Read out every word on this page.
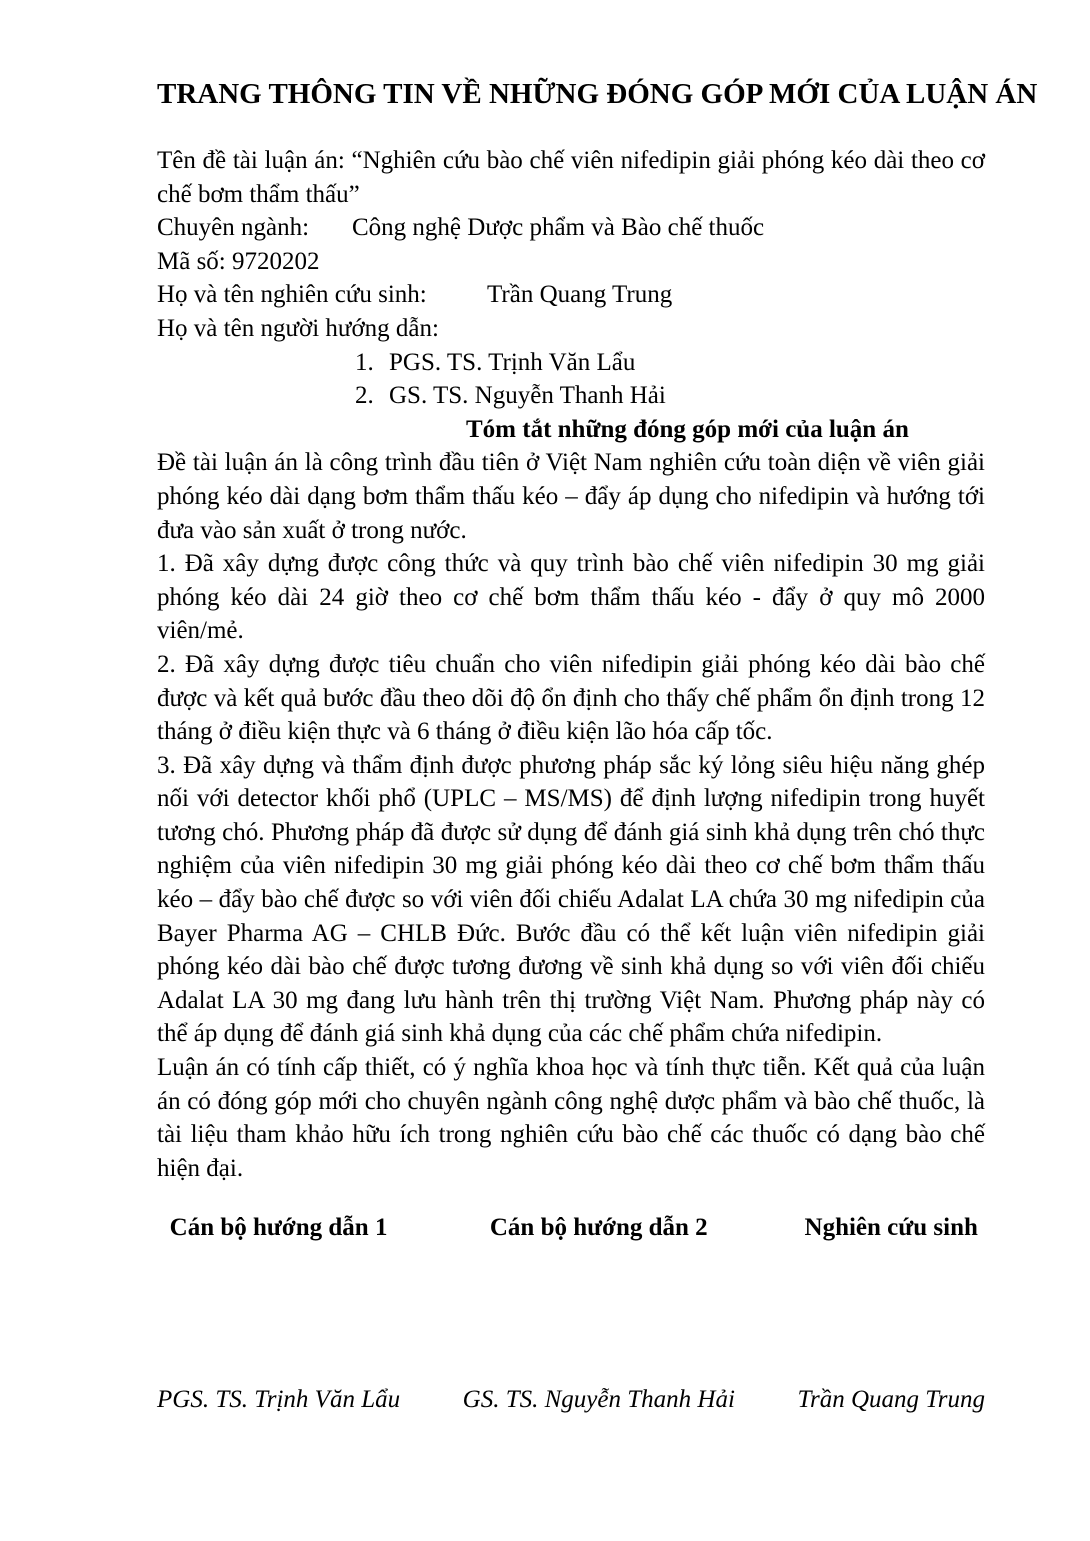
TRANG THÔNG TIN VỀ NHỮNG ĐÓNG GÓP MỚI CỦA LUẬN ÁN

Tên đề tài luận án: “Nghiên cứu bào chế viên nifedipin giải phóng kéo dài theo cơ chế bơm thẩm thấu”

Chuyên ngành: Công nghệ Dược phẩm và Bào chế thuốc
Mã số: 9720202
Họ và tên nghiên cứu sinh: Trần Quang Trung
Họ và tên người hướng dẫn:
1. PGS. TS. Trịnh Văn Lẩu
2. GS. TS. Nguyễn Thanh Hải
Tóm tắt những đóng góp mới của luận án

Đề tài luận án là công trình đầu tiên ở Việt Nam nghiên cứu toàn diện về viên giải phóng kéo dài dạng bơm thẩm thấu kéo – đẩy áp dụng cho nifedipin và hướng tới đưa vào sản xuất ở trong nước.

1. Đã xây dựng được công thức và quy trình bào chế viên nifedipin 30 mg giải phóng kéo dài 24 giờ theo cơ chế bơm thẩm thấu kéo - đẩy ở quy mô 2000 viên/mẻ.

2. Đã xây dựng được tiêu chuẩn cho viên nifedipin giải phóng kéo dài bào chế được và kết quả bước đầu theo dõi độ ổn định cho thấy chế phẩm ổn định trong 12 tháng ở điều kiện thực và 6 tháng ở điều kiện lão hóa cấp tốc.

3. Đã xây dựng và thẩm định được phương pháp sắc ký lỏng siêu hiệu năng ghép nối với detector khối phổ (UPLC – MS/MS) để định lượng nifedipin trong huyết tương chó. Phương pháp đã được sử dụng để đánh giá sinh khả dụng trên chó thực nghiệm của viên nifedipin 30 mg giải phóng kéo dài theo cơ chế bơm thẩm thấu kéo – đẩy bào chế được so với viên đối chiếu Adalat LA chứa 30 mg nifedipin của Bayer Pharma AG – CHLB Đức. Bước đầu có thể kết luận viên nifedipin giải phóng kéo dài bào chế được tương đương về sinh khả dụng so với viên đối chiếu Adalat LA 30 mg đang lưu hành trên thị trường Việt Nam. Phương pháp này có thể áp dụng để đánh giá sinh khả dụng của các chế phẩm chứa nifedipin.

Luận án có tính cấp thiết, có ý nghĩa khoa học và tính thực tiễn. Kết quả của luận án có đóng góp mới cho chuyên ngành công nghệ dược phẩm và bào chế thuốc, là tài liệu tham khảo hữu ích trong nghiên cứu bào chế các thuốc có dạng bào chế hiện đại.

Cán bộ hướng dẫn 1
PGS. TS. Trịnh Văn Lẩu
Cán bộ hướng dẫn 2
GS. TS. Nguyễn Thanh Hải
Nghiên cứu sinh
Trần Quang Trung
